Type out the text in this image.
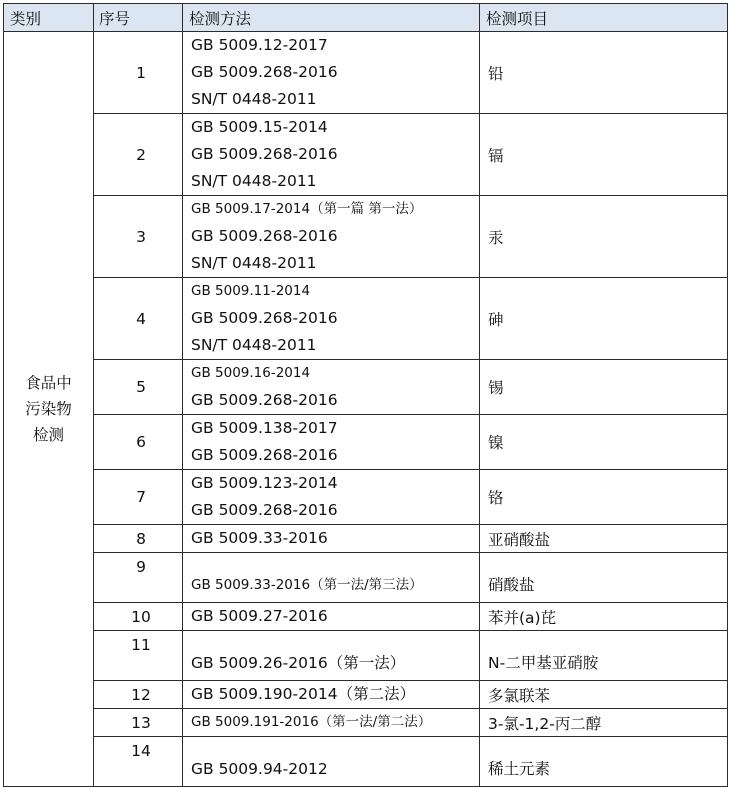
类别	序号	检测方法	检测项目

食品中污染物检测	1	GB 5009.12-2017
GB 5009.268-2016
SN/T 0448-2011	铅
	2	GB 5009.15-2014
GB 5009.268-2016
SN/T 0448-2011	镉
	3	GB 5009.17-2014（第一篇 第一法）
GB 5009.268-2016
SN/T 0448-2011	汞
	4	GB 5009.11-2014
GB 5009.268-2016
SN/T 0448-2011	砷
	5	GB 5009.16-2014
GB 5009.268-2016	锡
	6	GB 5009.138-2017
GB 5009.268-2016	镍
	7	GB 5009.123-2014
GB 5009.268-2016	铬
	8	GB 5009.33-2016	亚硝酸盐
	9	GB 5009.33-2016（第一法/第三法）	硝酸盐
	10	GB 5009.27-2016	苯并(a)芘
	11	GB 5009.26-2016（第一法）	N-二甲基亚硝胺
	12	GB 5009.190-2014（第二法）	多氯联苯
	13	GB 5009.191-2016（第一法/第二法）	3-氯-1,2-丙二醇
	14	GB 5009.94-2012	稀土元素
